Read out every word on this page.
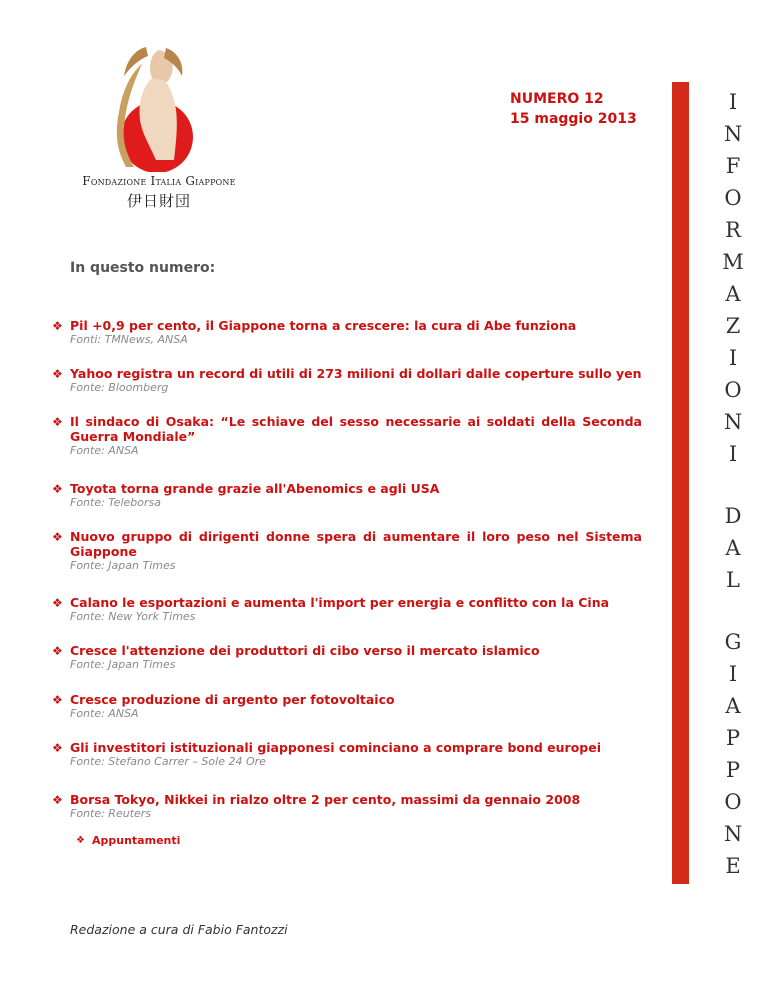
Fondazione Italia Giappone
伊日財団
NUMERO 12
15 maggio 2013
In questo numero:
❖ Pil +0,9 per cento, il Giappone torna a crescere: la cura di Abe funziona
Fonti: TMNews, ANSA
❖ Yahoo registra un record di utili di 273 milioni di dollari dalle coperture sullo yen
Fonte: Bloomberg
❖ Il sindaco di Osaka: “Le schiave del sesso necessarie ai soldati della Seconda Guerra Mondiale”
Fonte: ANSA
❖ Toyota torna grande grazie all'Abenomics e agli USA
Fonte: Teleborsa
❖ Nuovo gruppo di dirigenti donne spera di aumentare il loro peso nel Sistema Giappone
Fonte: Japan Times
❖ Calano le esportazioni e aumenta l'import per energia e conflitto con la Cina
Fonte: New York Times
❖ Cresce l'attenzione dei produttori di cibo verso il mercato islamico
Fonte: Japan Times
❖ Cresce produzione di argento per fotovoltaico
Fonte: ANSA
❖ Gli investitori istituzionali giapponesi cominciano a comprare bond europei
Fonte: Stefano Carrer – Sole 24 Ore
❖ Borsa Tokyo, Nikkei in rialzo oltre 2 per cento, massimi da gennaio 2008
Fonte: Reuters
❖ Appuntamenti
Redazione a cura di Fabio Fantozzi
I
N
F
O
R
M
A
Z
I
O
N
I
D
A
L
G
I
A
P
P
O
N
E
